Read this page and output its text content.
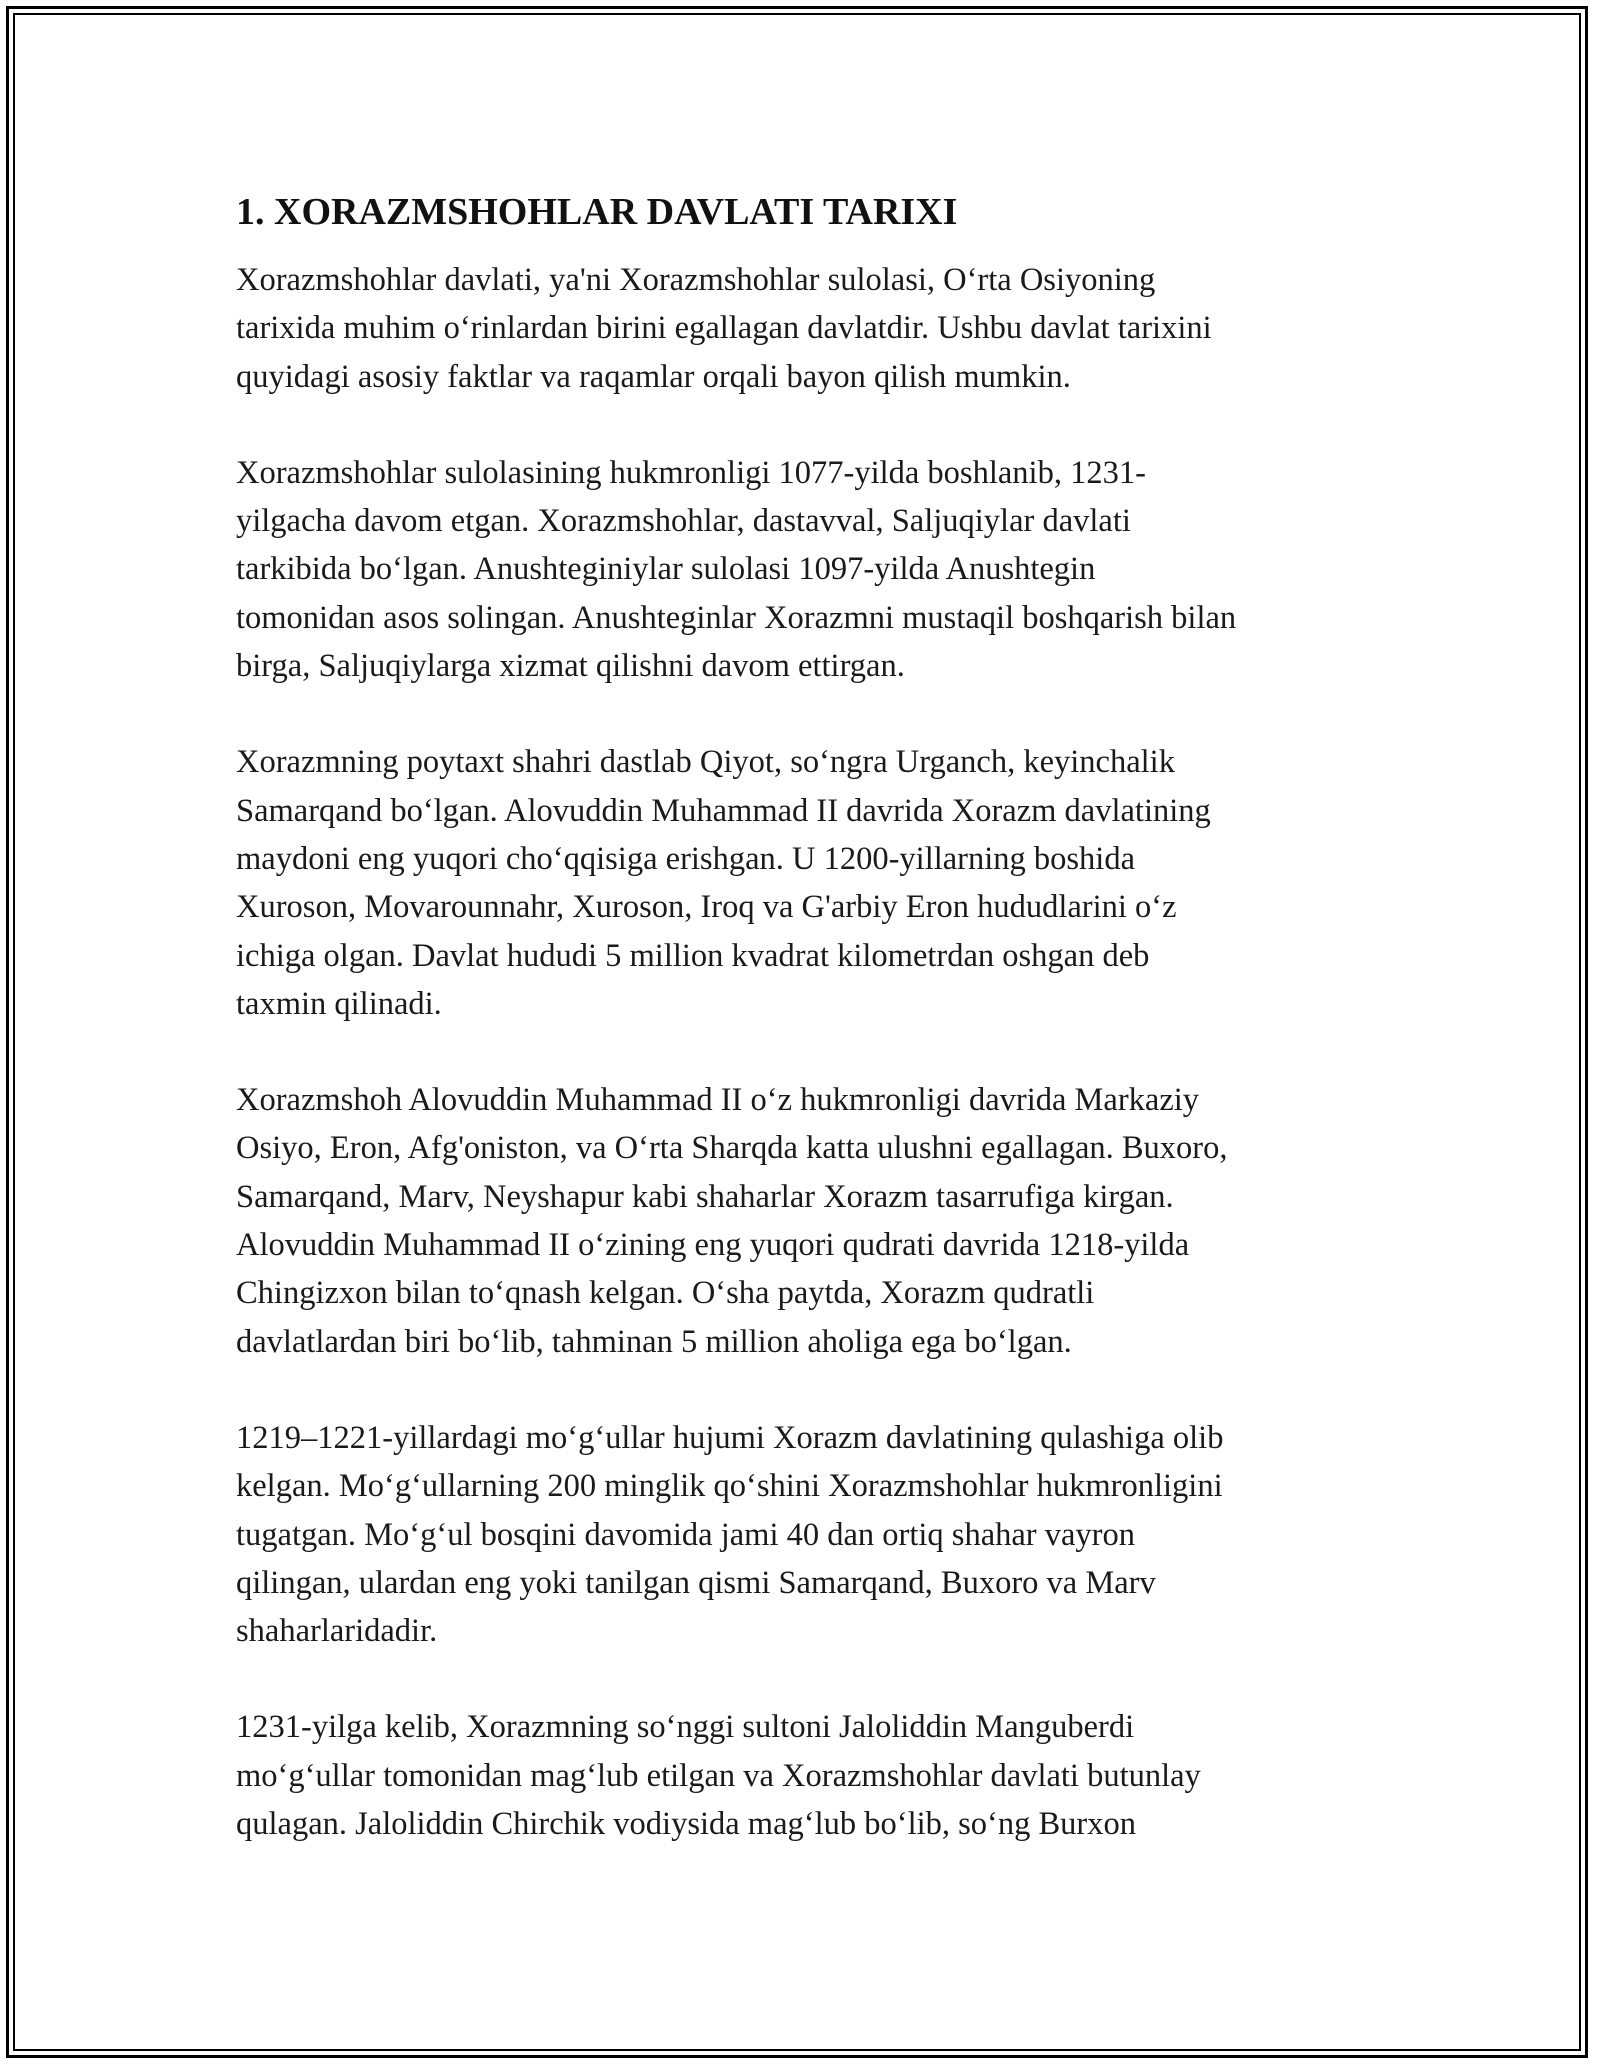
1. XORAZMSHOHLAR DAVLATI TARIXI

Xorazmshohlar davlati, ya'ni Xorazmshohlar sulolasi, O‘rta Osiyoning
tarixida muhim o‘rinlardan birini egallagan davlatdir. Ushbu davlat tarixini
quyidagi asosiy faktlar va raqamlar orqali bayon qilish mumkin.

Xorazmshohlar sulolasining hukmronligi 1077-yilda boshlanib, 1231-
yilgacha davom etgan. Xorazmshohlar, dastavval, Saljuqiylar davlati
tarkibida bo‘lgan. Anushteginiylar sulolasi 1097-yilda Anushtegin
tomonidan asos solingan. Anushteginlar Xorazmni mustaqil boshqarish bilan
birga, Saljuqiylarga xizmat qilishni davom ettirgan.

Xorazmning poytaxt shahri dastlab Qiyot, so‘ngra Urganch, keyinchalik
Samarqand bo‘lgan. Alovuddin Muhammad II davrida Xorazm davlatining
maydoni eng yuqori cho‘qqisiga erishgan. U 1200-yillarning boshida
Xuroson, Movarounnahr, Xuroson, Iroq va G'arbiy Eron hududlarini o‘z
ichiga olgan. Davlat hududi 5 million kvadrat kilometrdan oshgan deb
taxmin qilinadi.

Xorazmshoh Alovuddin Muhammad II o‘z hukmronligi davrida Markaziy
Osiyo, Eron, Afg'oniston, va O‘rta Sharqda katta ulushni egallagan. Buxoro,
Samarqand, Marv, Neyshapur kabi shaharlar Xorazm tasarrufiga kirgan.
Alovuddin Muhammad II o‘zining eng yuqori qudrati davrida 1218-yilda
Chingizxon bilan to‘qnash kelgan. O‘sha paytda, Xorazm qudratli
davlatlardan biri bo‘lib, tahminan 5 million aholiga ega bo‘lgan.

1219–1221-yillardagi mo‘g‘ullar hujumi Xorazm davlatining qulashiga olib
kelgan. Mo‘g‘ullarning 200 minglik qo‘shini Xorazmshohlar hukmronligini
tugatgan. Mo‘g‘ul bosqini davomida jami 40 dan ortiq shahar vayron
qilingan, ulardan eng yoki tanilgan qismi Samarqand, Buxoro va Marv
shaharlaridadir.

1231-yilga kelib, Xorazmning so‘nggi sultoni Jaloliddin Manguberdi
mo‘g‘ullar tomonidan mag‘lub etilgan va Xorazmshohlar davlati butunlay
qulagan. Jaloliddin Chirchik vodiysida mag‘lub bo‘lib, so‘ng Burxon
